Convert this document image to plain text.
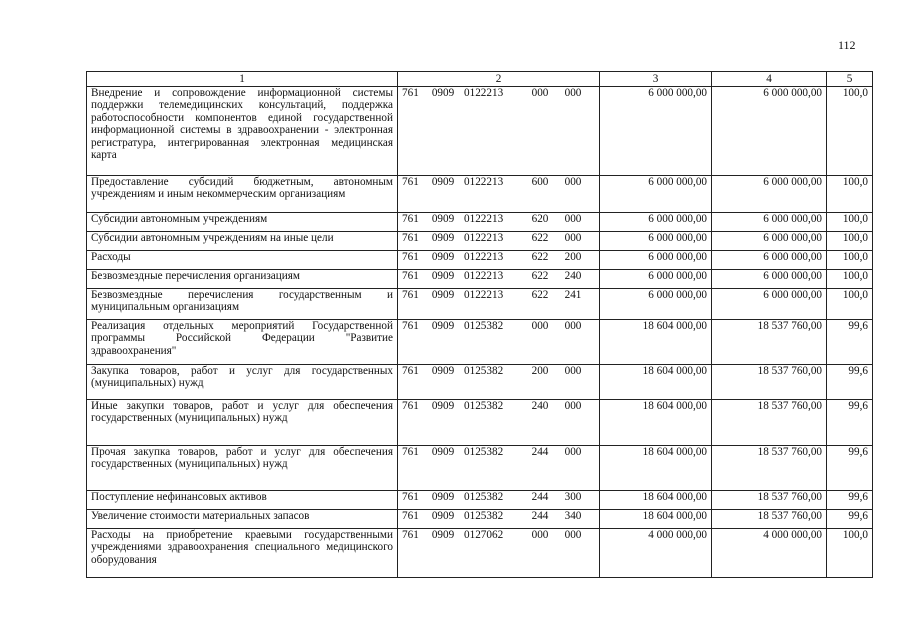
112
1	2	3	4	5
Внедрение и сопровождение информационной системы поддержки телемедицинских консультаций, поддержка работоспособности компонентов единой государственной информационной системы в здравоохранении - электронная регистратура, интегрированная электронная медицинская карта	761 0909 0122213 000 000	6 000 000,00	6 000 000,00	100,0
Предоставление субсидий бюджетным, автономным учреждениям и иным некоммерческим организациям	761 0909 0122213 600 000	6 000 000,00	6 000 000,00	100,0
Субсидии автономным учреждениям	761 0909 0122213 620 000	6 000 000,00	6 000 000,00	100,0
Субсидии автономным учреждениям на иные цели	761 0909 0122213 622 000	6 000 000,00	6 000 000,00	100,0
Расходы	761 0909 0122213 622 200	6 000 000,00	6 000 000,00	100,0
Безвозмездные перечисления организациям	761 0909 0122213 622 240	6 000 000,00	6 000 000,00	100,0
Безвозмездные перечисления государственным и муниципальным организациям	761 0909 0122213 622 241	6 000 000,00	6 000 000,00	100,0
Реализация отдельных мероприятий Государственной программы Российской Федерации "Развитие здравоохранения"	761 0909 0125382 000 000	18 604 000,00	18 537 760,00	99,6
Закупка товаров, работ и услуг для государственных (муниципальных) нужд	761 0909 0125382 200 000	18 604 000,00	18 537 760,00	99,6
Иные закупки товаров, работ и услуг для обеспечения государственных (муниципальных) нужд	761 0909 0125382 240 000	18 604 000,00	18 537 760,00	99,6
Прочая закупка товаров, работ и услуг для обеспечения государственных (муниципальных) нужд	761 0909 0125382 244 000	18 604 000,00	18 537 760,00	99,6
Поступление нефинансовых активов	761 0909 0125382 244 300	18 604 000,00	18 537 760,00	99,6
Увеличение стоимости материальных запасов	761 0909 0125382 244 340	18 604 000,00	18 537 760,00	99,6
Расходы на приобретение краевыми государственными учреждениями здравоохранения специального медицинского оборудования	761 0909 0127062 000 000	4 000 000,00	4 000 000,00	100,0
